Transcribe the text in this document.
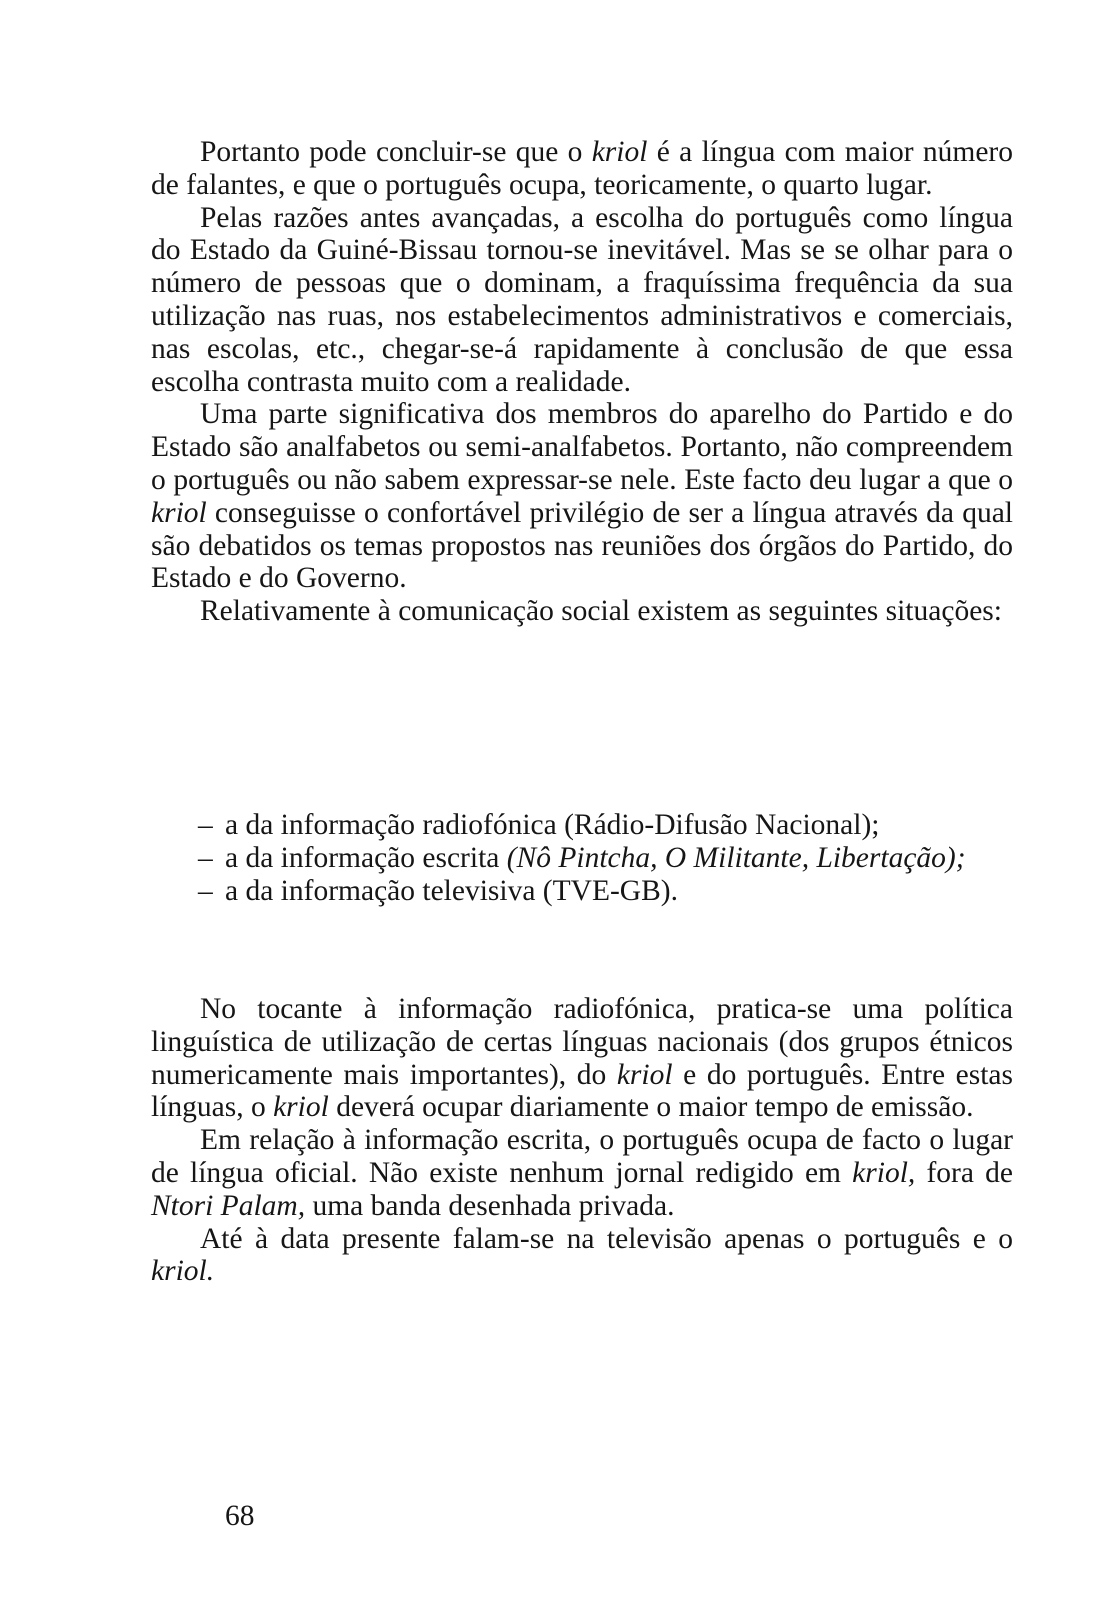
Portanto pode concluir-se que o kriol é a língua com maior número de falantes, e que o português ocupa, teoricamente, o quarto lugar.

Pelas razões antes avançadas, a escolha do português como língua do Estado da Guiné-Bissau tornou-se inevitável. Mas se se olhar para o número de pessoas que o dominam, a fraquíssima frequência da sua utilização nas ruas, nos estabelecimentos administrativos e comerciais, nas escolas, etc., chegar-se-á rapidamente à conclusão de que essa escolha contrasta muito com a realidade.

Uma parte significativa dos membros do aparelho do Partido e do Estado são analfabetos ou semi-analfabetos. Portanto, não compreendem o português ou não sabem expressar-se nele. Este facto deu lugar a que o kriol conseguisse o confortável privilégio de ser a língua através da qual são debatidos os temas propostos nas reuniões dos órgãos do Partido, do Estado e do Governo.

Relativamente à comunicação social existem as seguintes situações:

– a da informação radiofónica (Rádio-Difusão Nacional);
– a da informação escrita (Nô Pintcha, O Militante, Libertação);
– a da informação televisiva (TVE-GB).

No tocante à informação radiofónica, pratica-se uma política linguística de utilização de certas línguas nacionais (dos grupos étnicos numericamente mais importantes), do kriol e do português. Entre estas línguas, o kriol deverá ocupar diariamente o maior tempo de emissão.

Em relação à informação escrita, o português ocupa de facto o lugar de língua oficial. Não existe nenhum jornal redigido em kriol, fora de Ntori Palam, uma banda desenhada privada.

Até à data presente falam-se na televisão apenas o português e o kriol.

68
